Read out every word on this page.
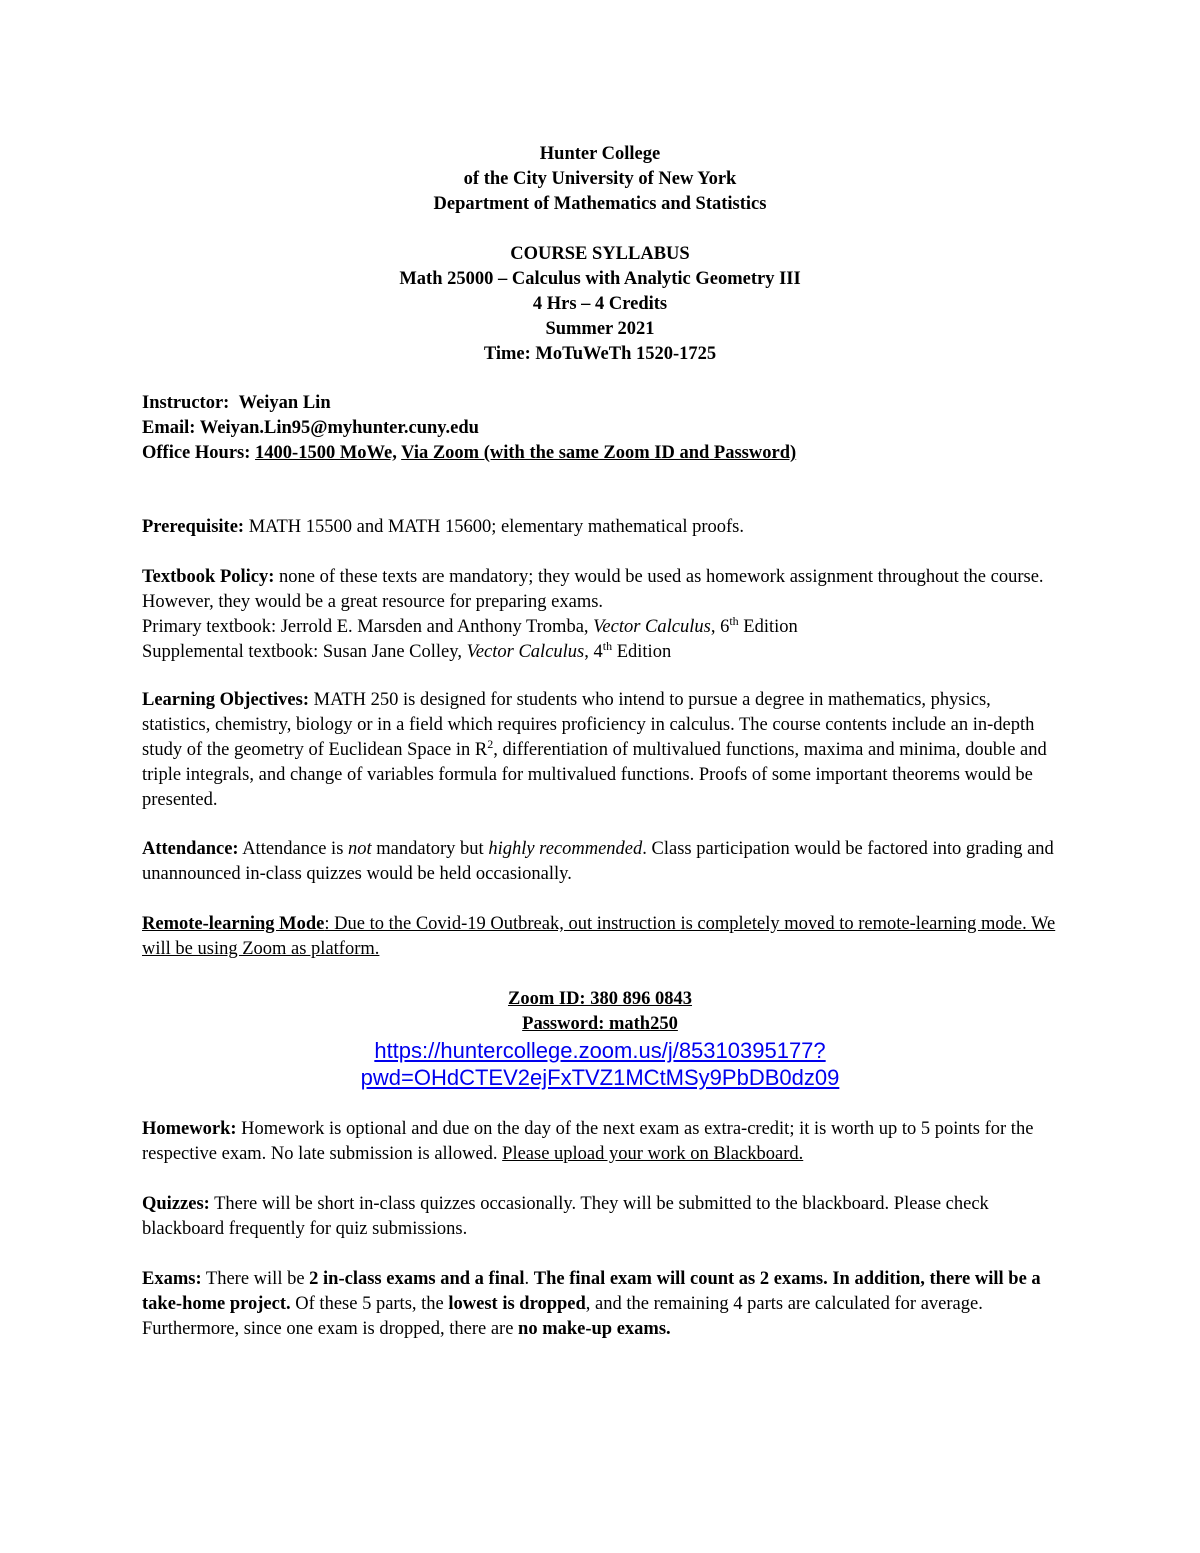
Hunter College
of the City University of New York
Department of Mathematics and Statistics
COURSE SYLLABUS
Math 25000 – Calculus with Analytic Geometry III
4 Hrs – 4 Credits
Summer 2021
Time: MoTuWeTh 1520-1725
Instructor: Weiyan Lin
Email: Weiyan.Lin95@myhunter.cuny.edu
Office Hours: 1400-1500 MoWe, Via Zoom (with the same Zoom ID and Password)

Prerequisite: MATH 15500 and MATH 15600; elementary mathematical proofs.

Textbook Policy: none of these texts are mandatory; they would be used as homework assignment throughout the course. However, they would be a great resource for preparing exams.

Primary textbook: Jerrold E. Marsden and Anthony Tromba, Vector Calculus, 6th Edition

Supplemental textbook: Susan Jane Colley, Vector Calculus, 4th Edition

Learning Objectives: MATH 250 is designed for students who intend to pursue a degree in mathematics, physics, statistics, chemistry, biology or in a field which requires proficiency in calculus. The course contents include an in-depth study of the geometry of Euclidean Space in $R^2$, differentiation of multivalued functions, maxima and minima, double and triple integrals, and change of variables formula for multivalued functions. Proofs of some important theorems would be presented.

Attendance: Attendance is not mandatory but highly recommended. Class participation would be factored into grading and unannounced in-class quizzes would be held occasionally.

Remote-learning Mode: Due to the Covid-19 Outbreak, out instruction is completely moved to remote-learning mode. We will be using Zoom as platform.

Zoom ID: 380 896 0843
Password: math250
https://huntercollege.zoom.us/j/85310395177?
pwd=OHdCTEV2ejFxTVZ1MCtMSy9PbDB0dz09

Homework: Homework is optional and due on the day of the next exam as extra-credit; it is worth up to 5 points for the respective exam. No late submission is allowed. Please upload your work on Blackboard.

Quizzes: There will be short in-class quizzes occasionally. They will be submitted to the blackboard. Please check blackboard frequently for quiz submissions.

Exams: There will be 2 in-class exams and a final. The final exam will count as 2 exams. In addition, there will be a take-home project. Of these 5 parts, the lowest is dropped, and the remaining 4 parts are calculated for average. Furthermore, since one exam is dropped, there are no make-up exams.
